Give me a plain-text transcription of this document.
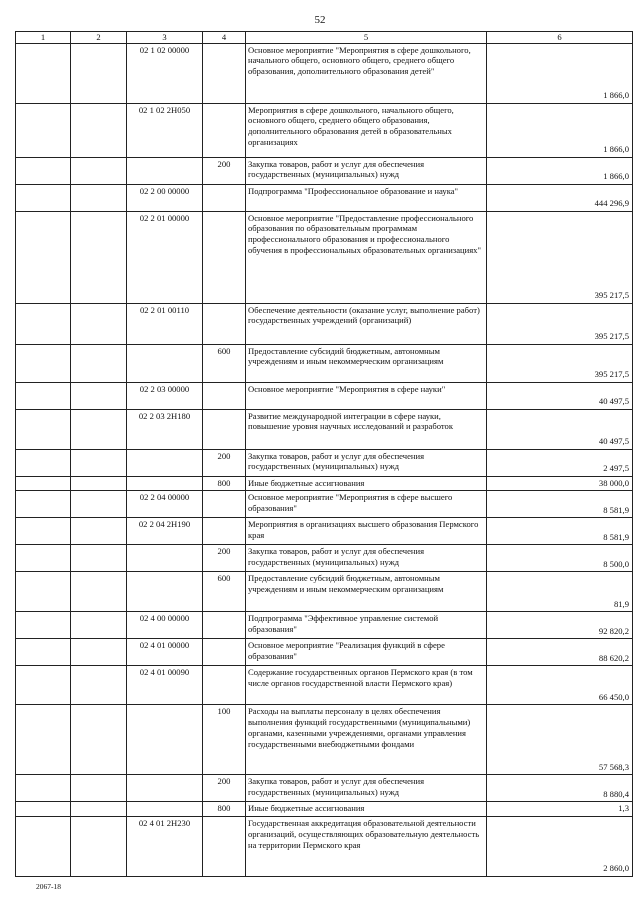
52
1	2	3	4	5	6
		02 1 02 00000		Основное мероприятие "Мероприятия в сфере дошкольного, начального общего, основного общего, среднего общего образования, дополнительного образования детей"	1 866,0
		02 1 02 2Н050		Мероприятия в сфере дошкольного, начального общего, основного общего, среднего общего образования, дополнительного образования детей в образовательных организациях	1 866,0
			200	Закупка товаров, работ и услуг для обеспечения государственных (муниципальных) нужд	1 866,0
		02 2 00 00000		Подпрограмма "Профессиональное образование и наука"	444 296,9
		02 2 01 00000		Основное мероприятие "Предоставление профессионального образования по образовательным программам профессионального образования и профессионального обучения в профессиональных образовательных организациях"	395 217,5
		02 2 01 00110		Обеспечение деятельности (оказание услуг, выполнение работ) государственных учреждений (организаций)	395 217,5
			600	Предоставление субсидий бюджетным, автономным учреждениям и иным некоммерческим организациям	395 217,5
		02 2 03 00000		Основное мероприятие "Мероприятия в сфере науки"	40 497,5
		02 2 03 2Н180		Развитие международной интеграции в сфере науки, повышение уровня научных исследований и разработок	40 497,5
			200	Закупка товаров, работ и услуг для обеспечения государственных (муниципальных) нужд	2 497,5
			800	Иные бюджетные ассигнования	38 000,0
		02 2 04 00000		Основное мероприятие "Мероприятия в сфере высшего образования"	8 581,9
		02 2 04 2Н190		Мероприятия в организациях высшего образования Пермского края	8 581,9
			200	Закупка товаров, работ и услуг для обеспечения государственных (муниципальных) нужд	8 500,0
			600	Предоставление субсидий бюджетным, автономным учреждениям и иным некоммерческим организациям	81,9
		02 4 00 00000		Подпрограмма "Эффективное управление системой образования"	92 820,2
		02 4 01 00000		Основное мероприятие "Реализация функций в сфере образования"	88 620,2
		02 4 01 00090		Содержание государственных органов Пермского края (в том числе органов государственной власти Пермского края)	66 450,0
			100	Расходы на выплаты персоналу в целях обеспечения выполнения функций государственными (муниципальными) органами, казенными учреждениями, органами управления государственными внебюджетными фондами	57 568,3
			200	Закупка товаров, работ и услуг для обеспечения государственных (муниципальных) нужд	8 880,4
			800	Иные бюджетные ассигнования	1,3
		02 4 01 2Н230		Государственная аккредитация образовательной деятельности организаций, осуществляющих образовательную деятельность на территории Пермского края	2 860,0
2067-18
